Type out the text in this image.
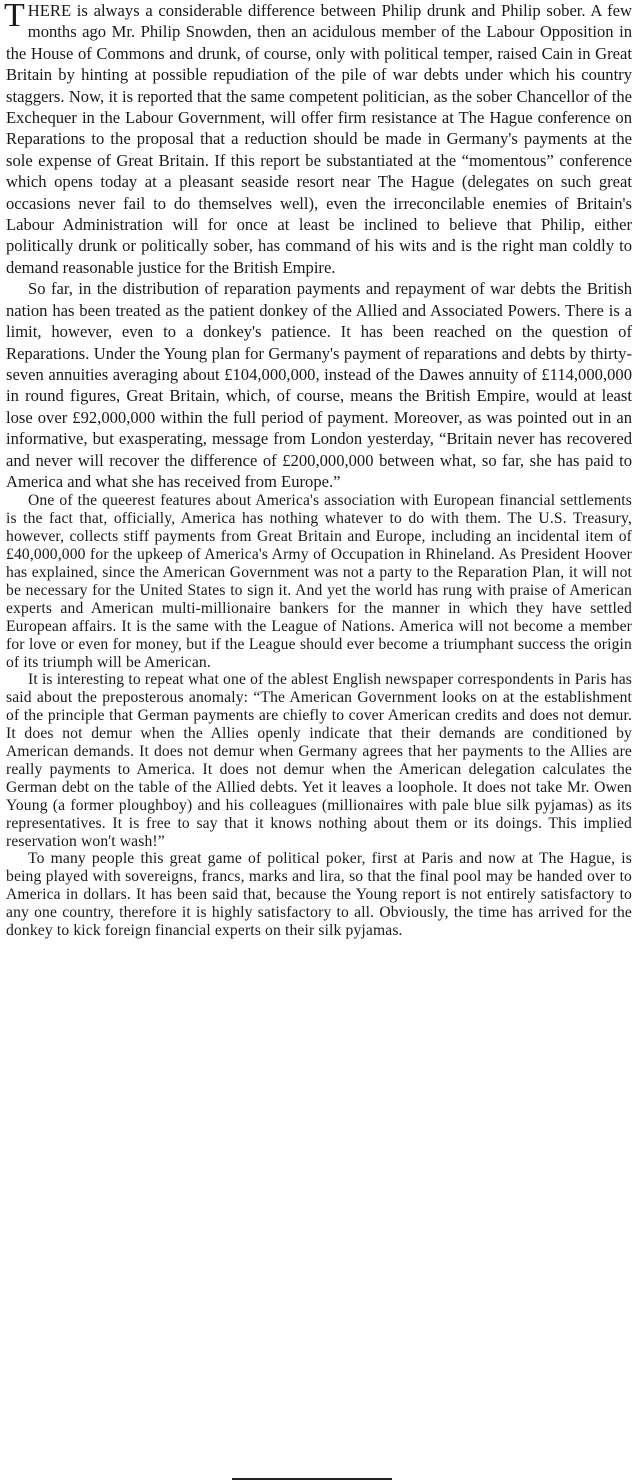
THERE is always a considerable difference between Philip drunk and Philip sober. A few months ago Mr. Philip Snowden, then an acidulous member of the Labour Opposition in the House of Commons and drunk, of course, only with political temper, raised Cain in Great Britain by hinting at possible repudiation of the pile of war debts under which his country staggers. Now, it is reported that the same competent politician, as the sober Chancellor of the Exchequer in the Labour Government, will offer firm resistance at The Hague conference on Reparations to the proposal that a reduction should be made in Germany's payments at the sole expense of Great Britain. If this report be substantiated at the “momentous” conference which opens today at a pleasant seaside resort near The Hague (delegates on such great occasions never fail to do themselves well), even the irreconcilable enemies of Britain's Labour Administration will for once at least be inclined to believe that Philip, either politically drunk or politically sober, has command of his wits and is the right man coldly to demand reasonable justice for the British Empire.

So far, in the distribution of reparation payments and repayment of war debts the British nation has been treated as the patient donkey of the Allied and Associated Powers. There is a limit, however, even to a donkey's patience. It has been reached on the question of Reparations. Under the Young plan for Germany's payment of reparations and debts by thirty-seven annuities averaging about £104,000,000, instead of the Dawes annuity of £114,000,000 in round figures, Great Britain, which, of course, means the British Empire, would at least lose over £92,000,000 within the full period of payment. Moreover, as was pointed out in an informative, but exasperating, message from London yesterday, “Britain never has recovered and never will recover the difference of £200,000,000 between what, so far, she has paid to America and what she has received from Europe.”

One of the queerest features about America's association with European financial settlements is the fact that, officially, America has nothing whatever to do with them. The U.S. Treasury, however, collects stiff payments from Great Britain and Europe, including an incidental item of £40,000,000 for the upkeep of America's Army of Occupation in Rhineland. As President Hoover has explained, since the American Government was not a party to the Reparation Plan, it will not be necessary for the United States to sign it. And yet the world has rung with praise of American experts and American multi-millionaire bankers for the manner in which they have settled European affairs. It is the same with the League of Nations. America will not become a member for love or even for money, but if the League should ever become a triumphant success the origin of its triumph will be American.

It is interesting to repeat what one of the ablest English newspaper correspondents in Paris has said about the preposterous anomaly: “The American Government looks on at the establishment of the principle that German payments are chiefly to cover American credits and does not demur. It does not demur when the Allies openly indicate that their demands are conditioned by American demands. It does not demur when Germany agrees that her payments to the Allies are really payments to America. It does not demur when the American delegation calculates the German debt on the table of the Allied debts. Yet it leaves a loophole. It does not take Mr. Owen Young (a former ploughboy) and his colleagues (millionaires with pale blue silk pyjamas) as its representatives. It is free to say that it knows nothing about them or its doings. This implied reservation won't wash!”

To many people this great game of political poker, first at Paris and now at The Hague, is being played with sovereigns, francs, marks and lira, so that the final pool may be handed over to America in dollars. It has been said that, because the Young report is not entirely satisfactory to any one country, therefore it is highly satisfactory to all. Obviously, the time has arrived for the donkey to kick foreign financial experts on their silk pyjamas.
